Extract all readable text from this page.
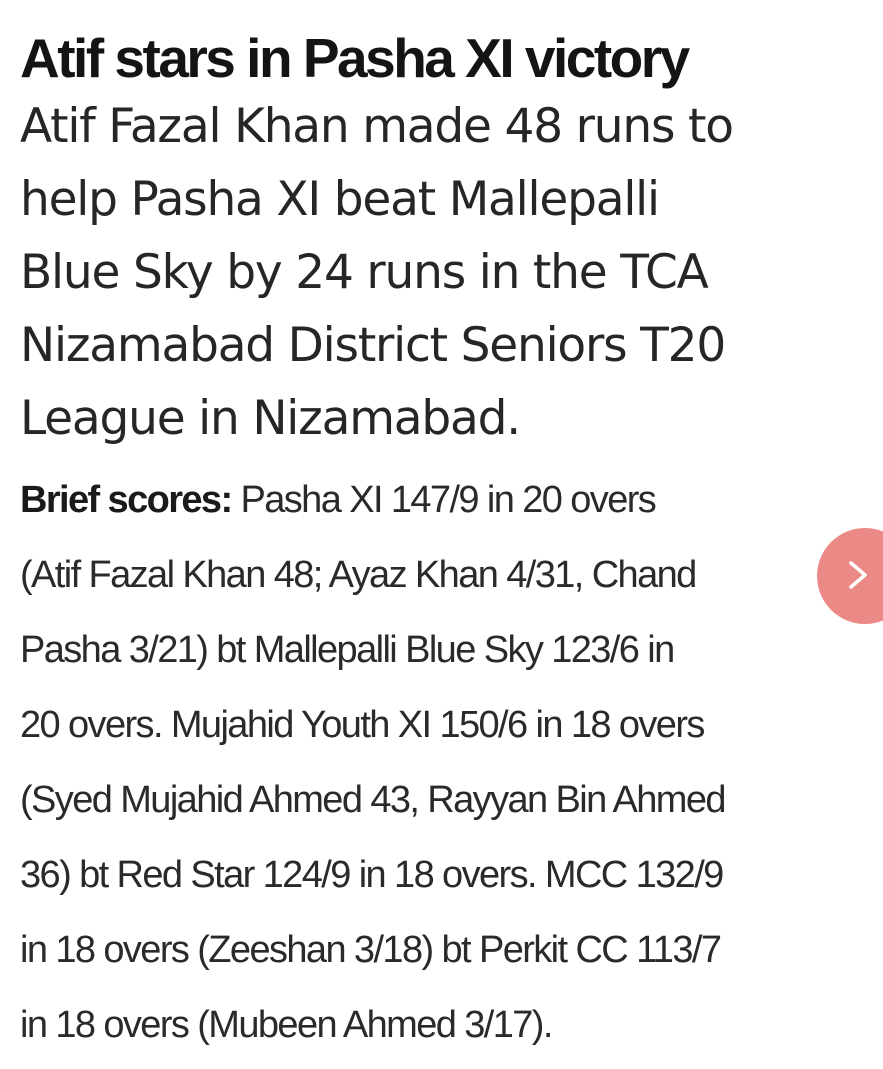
Atif stars in Pasha XI victory

Atif Fazal Khan made 48 runs to
help Pasha XI beat Mallepalli
Blue Sky by 24 runs in the TCA
Nizamabad District Seniors T20
League in Nizamabad.

Brief scores: Pasha XI 147/9 in 20 overs
(Atif Fazal Khan 48; Ayaz Khan 4/31, Chand
Pasha 3/21) bt Mallepalli Blue Sky 123/6 in
20 overs. Mujahid Youth XI 150/6 in 18 overs
(Syed Mujahid Ahmed 43, Rayyan Bin Ahmed
36) bt Red Star 124/9 in 18 overs. MCC 132/9
in 18 overs (Zeeshan 3/18) bt Perkit CC 113/7
in 18 overs (Mubeen Ahmed 3/17).
